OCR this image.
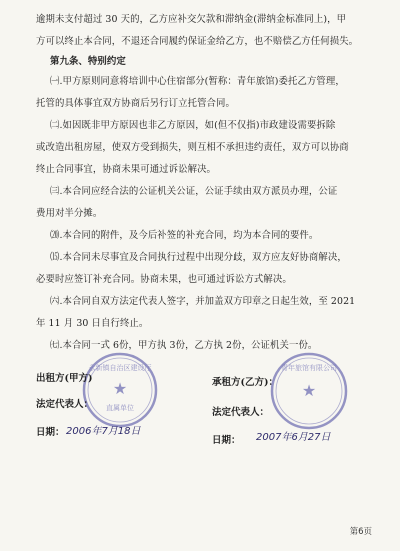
逾期未支付超过 30 天的，乙方应补交欠款和滞纳金(滞纳金标准同上)，甲
方可以终止本合同，不退还合同履约保证金给乙方，也不赔偿乙方任何损失。
第九条、特别约定
㈠.甲方原则同意将培训中心住宿部分(暂称：青年旅馆)委托乙方管理，
托管的具体事宜双方协商后另行订立托管合同。
㈡.如因既非甲方原因也非乙方原因，如(但不仅指)市政建设需要拆除
或改造出租房屋，使双方受到损失，则互相不承担违约责任，双方可以协商
终止合同事宜，协商未果可通过诉讼解决。
㈢.本合同应经合法的公证机关公证，公证手续由双方派员办理，公证
费用对半分摊。
⒇.本合同的附件，及今后补签的补充合同，均为本合同的要件。
⒂.本合同未尽事宜及合同执行过程中出现分歧，双方应友好协商解决，
必要时应签订补充合同。协商未果，也可通过诉讼方式解决。
㈥.本合同自双方法定代表人签字，并加盖双方印章之日起生效，至 2021
年 11 月 30 日自行终止。
㈦.本合同一式 6份，甲方执 3份，乙方执 2份，公证机关一份。
★
直属单位
永新镇自治区建设厅
★
青年旅馆有限公司
出租方(甲方)	承租方(乙方)：
法定代表人：
法定代表人：
日期： 2006年7月18日
日期： 2007年6月27日
第6页
